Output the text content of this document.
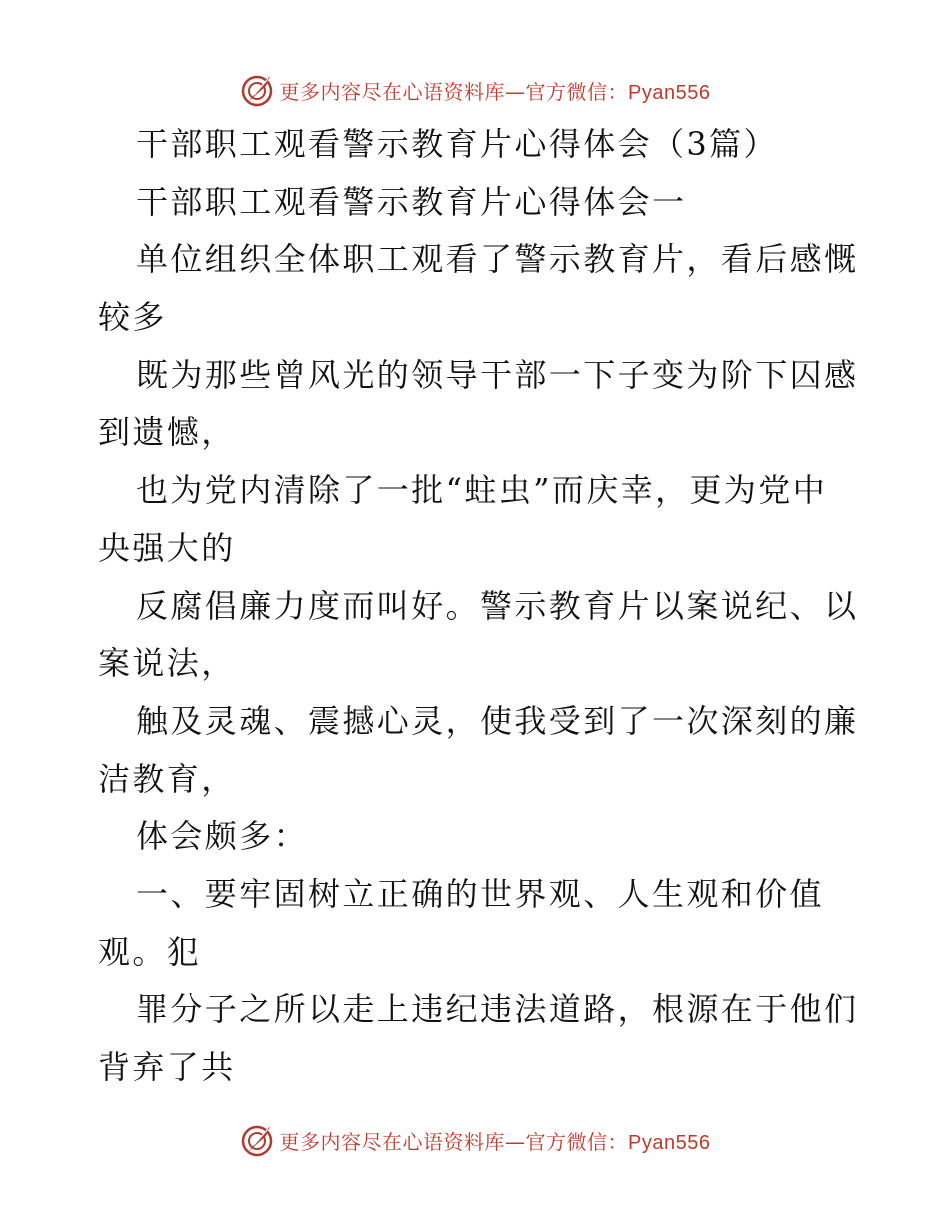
更多内容尽在心语资料库—官方微信：Pyan556
干部职工观看警示教育片心得体会（3篇）
干部职工观看警示教育片心得体会一
单位组织全体职工观看了警示教育片，看后感慨
较多
既为那些曾风光的领导干部一下子变为阶下囚感
到遗憾，
也为党内清除了一批“蛀虫”而庆幸，更为党中
央强大的
反腐倡廉力度而叫好。警示教育片以案说纪、以
案说法，
触及灵魂、震撼心灵，使我受到了一次深刻的廉
洁教育，
体会颇多：
一、要牢固树立正确的世界观、人生观和价值
观。犯
罪分子之所以走上违纪违法道路，根源在于他们
背弃了共
更多内容尽在心语资料库—官方微信：Pyan556
